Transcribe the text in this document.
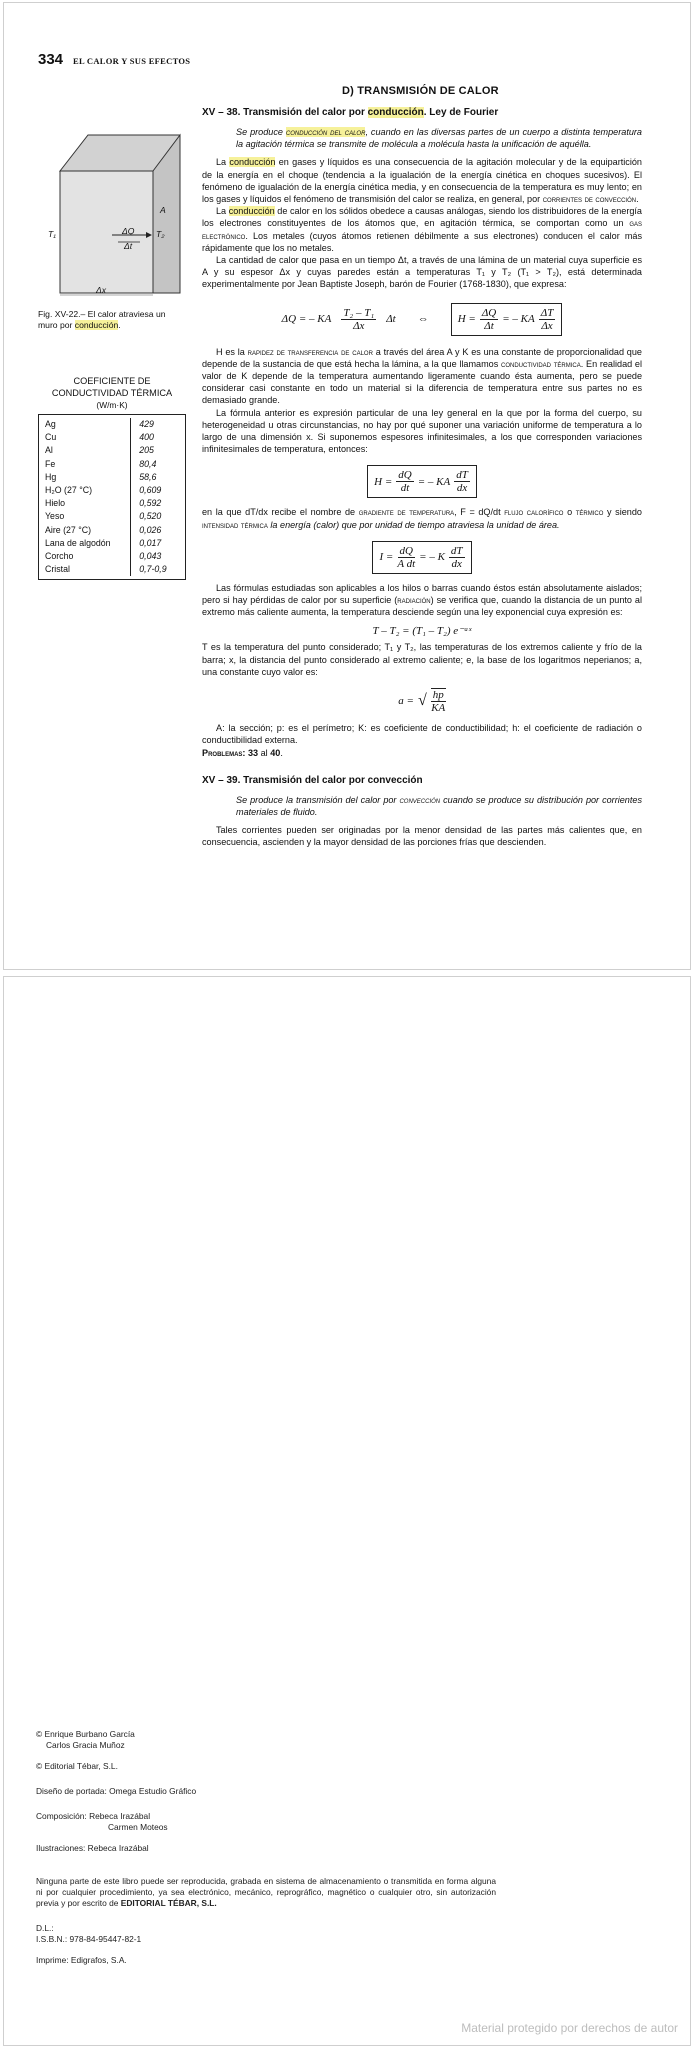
334 EL CALOR Y SUS EFECTOS
D) TRANSMISIÓN DE CALOR
T₁	T₂
A
ΔQ
Δt
Δx
Fig. XV-22.– El calor atraviesa un muro por conducción.
COEFICIENTE DE
CONDUCTIVIDAD TÉRMICA
(W/m·K)
Ag	429
Cu	400
Al	205
Fe	80,4
Hg	58,6
H₂O (27 °C)	0,609
Hielo	0,592
Yeso	0,520
Aire (27 °C)	0,026
Lana de algodón	0,017
Corcho	0,043
Cristal	0,7-0,9
XV – 38. Transmisión del calor por conducción. Ley de Fourier

Se produce conducción del calor, cuando en las diversas partes de un cuerpo a distinta temperatura la agitación térmica se transmite de molécula a molécula hasta la unificación de aquélla.

La conducción en gases y líquidos es una consecuencia de la agitación molecular y de la equipartición de la energía en el choque (tendencia a la igualación de la energía cinética en choques sucesivos). El fenómeno de igualación de la energía cinética media, y en consecuencia de la temperatura es muy lento; en los gases y líquidos el fenómeno de transmisión del calor se realiza, en general, por corrientes de convección.

La conducción de calor en los sólidos obedece a causas análogas, siendo los distribuidores de la energía los electrones constituyentes de los átomos que, en agitación térmica, se comportan como un gas electrónico. Los metales (cuyos átomos retienen débilmente a sus electrones) conducen el calor más rápidamente que los no metales.

La cantidad de calor que pasa en un tiempo Δt, a través de una lámina de un material cuya superficie es A y su espesor Δx y cuyas paredes están a temperaturas T₁ y T₂ (T₁ > T₂), está determinada experimentalmente por Jean Baptiste Joseph, barón de Fourier (1768-1830), que expresa:

ΔQ = – KA $\frac{\text{T₂ – T₁}}{\Delta x}$ Δt ⇔	$H = \frac{\Delta Q}{\Delta t}$ = – KA
ΔT
Δx

H es la rapidez de transferencia de calor a través del área A y K es una constante de proporcionalidad que depende de la sustancia de que está hecha la lámina, a la que llamamos conductividad térmica. En realidad el valor de K depende de la temperatura aumentando ligeramente cuando ésta aumenta, pero se puede considerar casi constante en todo un material si la diferencia de temperatura entre sus partes no es demasiado grande.

La fórmula anterior es expresión particular de una ley general en la que por la forma del cuerpo, su heterogeneidad u otras circunstancias, no hay por qué suponer una variación uniforme de temperatura a lo largo de una dimensión x. Si suponemos espesores infinitesimales, a los que corresponden variaciones infinitesimales de temperatura, entonces:

$H = \frac{dQ}{dt}$ = – KA
dT
dx

en la que dT/dx recibe el nombre de gradiente de temperatura, F = dQ/dt flujo calorífico o térmico y siendo intensidad térmica la energía (calor) que por unidad de tiempo atraviesa la unidad de área.

$I = \frac{dQ}{\text{A dt}}$ = – K
dT
dx

Las fórmulas estudiadas son aplicables a los hilos o barras cuando éstos están absolutamente aislados; pero si hay pérdidas de calor por su superficie (radiación) se verifica que, cuando la distancia de un punto al extremo más caliente aumenta, la temperatura desciende según una ley exponencial cuya expresión es:

T – T₂ = (T₁ – T₂) e⁻ᵃˣ

T es la temperatura del punto considerado; T₁ y T₂, las temperaturas de los extremos caliente y frío de la barra; x, la distancia del punto considerado al extremo caliente; e, la base de los logaritmos neperianos; a, una constante cuyo valor es:

a = √ $\frac{hp}{KA}$

A: la sección; p: es el perímetro; K: es coeficiente de conductibilidad; h: el coeficiente de radiación o conductibilidad externa.

Problemas: 33 al 40.

XV – 39. Transmisión del calor por convección

Se produce la transmisión del calor por convección cuando se produce su distribución por corrientes materiales de fluido.

Tales corrientes pueden ser originadas por la menor densidad de las partes más calientes que, en consecuencia, ascienden y la mayor densidad de las porciones frías que descienden.

© Enrique Burbano García
Carlos Gracia Muñoz
© Editorial Tébar, S.L.
Diseño de portada: Omega Estudio Gráfico
Composición: Rebeca Irazábal
Carmen Moteos
Ilustraciones: Rebeca Irazábal
Ninguna parte de este libro puede ser reproducida, grabada en sistema de almacenamiento o transmitida en forma alguna ni por cualquier procedimiento, ya sea electrónico, mecánico, reprográfico, magnético o cualquier otro, sin autorización previa y por escrito de EDITORIAL TÉBAR, S.L.
D.L.:
I.S.B.N.: 978-84-95447-82-1
Imprime: Edigrafos, S.A.
Material protegido por derechos de autor
